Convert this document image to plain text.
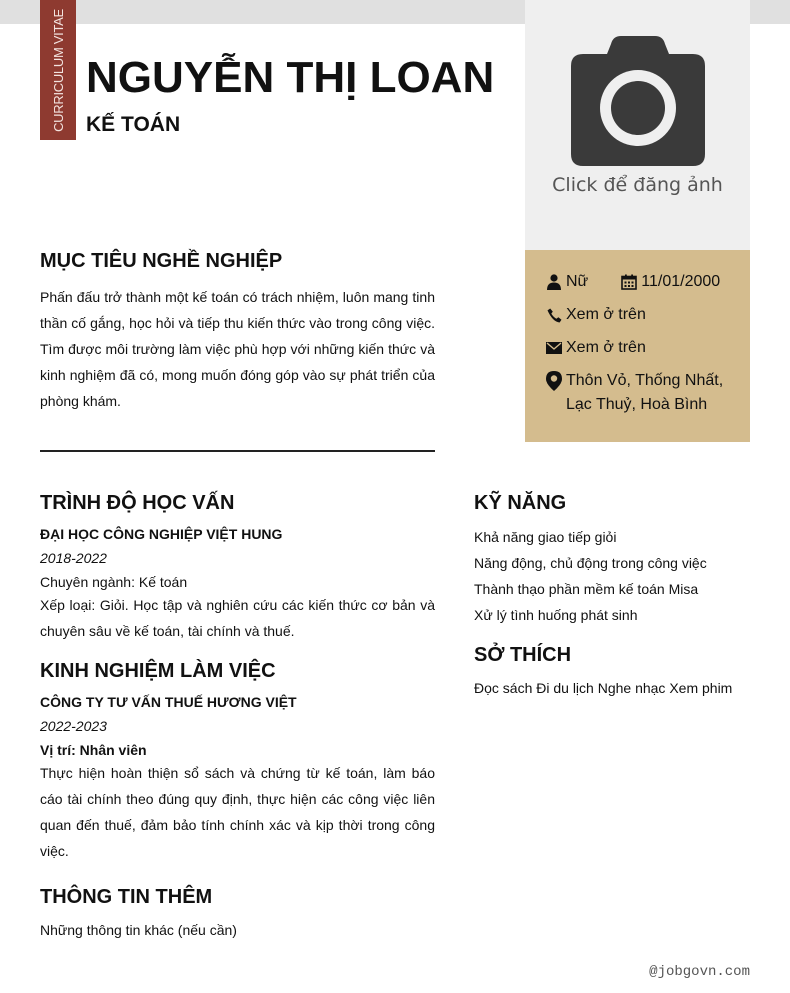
CURRICULUM VITAE NGUYỄN THỊ LOAN
KẾ TOÁN
Click để đăng ảnh
Nữ	11/01/2000
Xem ở trên
Xem ở trên
Thôn Vỏ, Thống Nhất, Lạc Thuỷ, Hoà Bình
MỤC TIÊU NGHỀ NGHIỆP

Phấn đấu trở thành một kế toán có trách nhiệm, luôn mang tinh thần cố gắng, học hỏi và tiếp thu kiến thức vào trong công việc. Tìm được môi trường làm việc phù hợp với những kiến thức và kinh nghiệm đã có, mong muốn đóng góp vào sự phát triển của phòng khám.

TRÌNH ĐỘ HỌC VẤN
ĐẠI HỌC CÔNG NGHIỆP VIỆT HUNG
2018-2022
Chuyên ngành: Kế toán

Xếp loại: Giỏi. Học tập và nghiên cứu các kiến thức cơ bản và chuyên sâu về kế toán, tài chính và thuế.

KINH NGHIỆM LÀM VIỆC
CÔNG TY TƯ VẤN THUẾ HƯƠNG VIỆT
2022-2023
Vị trí: Nhân viên

Thực hiện hoàn thiện sổ sách và chứng từ kế toán, làm báo cáo tài chính theo đúng quy định, thực hiện các công việc liên quan đến thuế, đảm bảo tính chính xác và kịp thời trong công việc.

THÔNG TIN THÊM
Những thông tin khác (nếu cần)
KỸ NĂNG
Khả năng giao tiếp giỏi
Năng động, chủ động trong công việc
Thành thạo phần mềm kế toán Misa
Xử lý tình huống phát sinh
SỞ THÍCH
Đọc sách Đi du lịch Nghe nhạc Xem phim
@jobgovn.com
